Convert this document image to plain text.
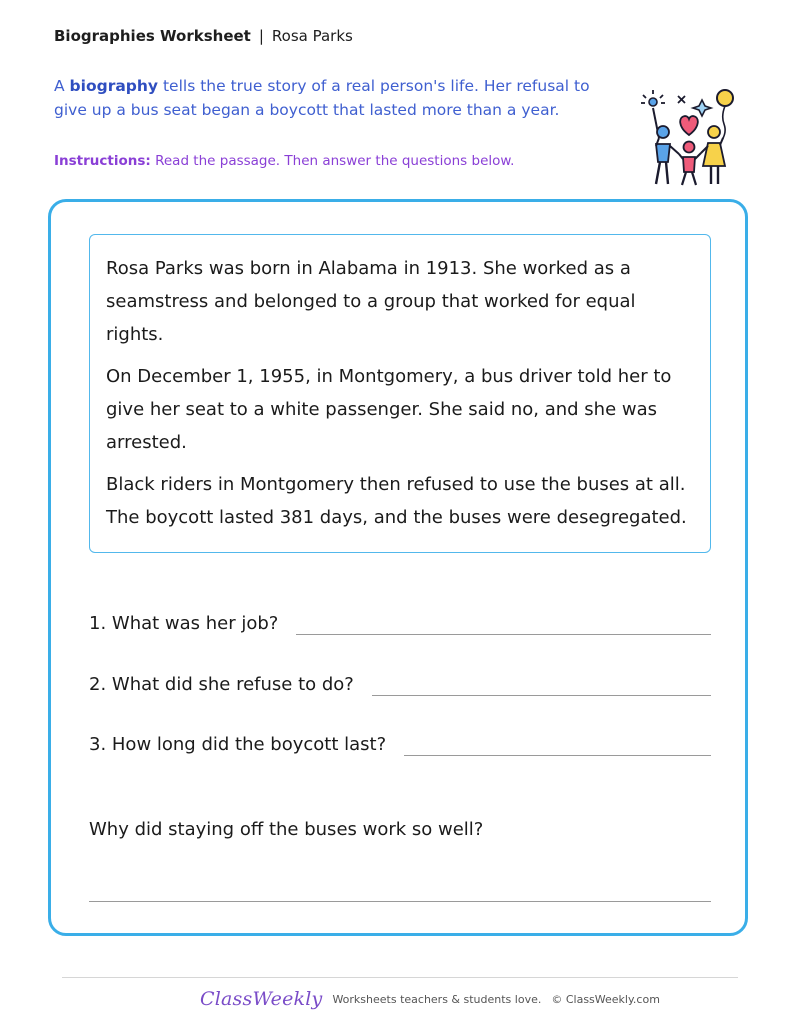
Biographies Worksheet | Rosa Parks
A biography tells the true story of a real person's life. Her refusal to give up a bus seat began a boycott that lasted more than a year.
Instructions: Read the passage. Then answer the questions below.

Rosa Parks was born in Alabama in 1913. She worked as a seamstress and belonged to a group that worked for equal rights.

On December 1, 1955, in Montgomery, a bus driver told her to give her seat to a white passenger. She said no, and she was arrested.

Black riders in Montgomery then refused to use the buses at all. The boycott lasted 381 days, and the buses were desegregated.

1. What was her job?
2. What did she refuse to do?
3. How long did the boycott last?
Why did staying off the buses work so well?
ClassWeekly Worksheets teachers & students love. © ClassWeekly.com
